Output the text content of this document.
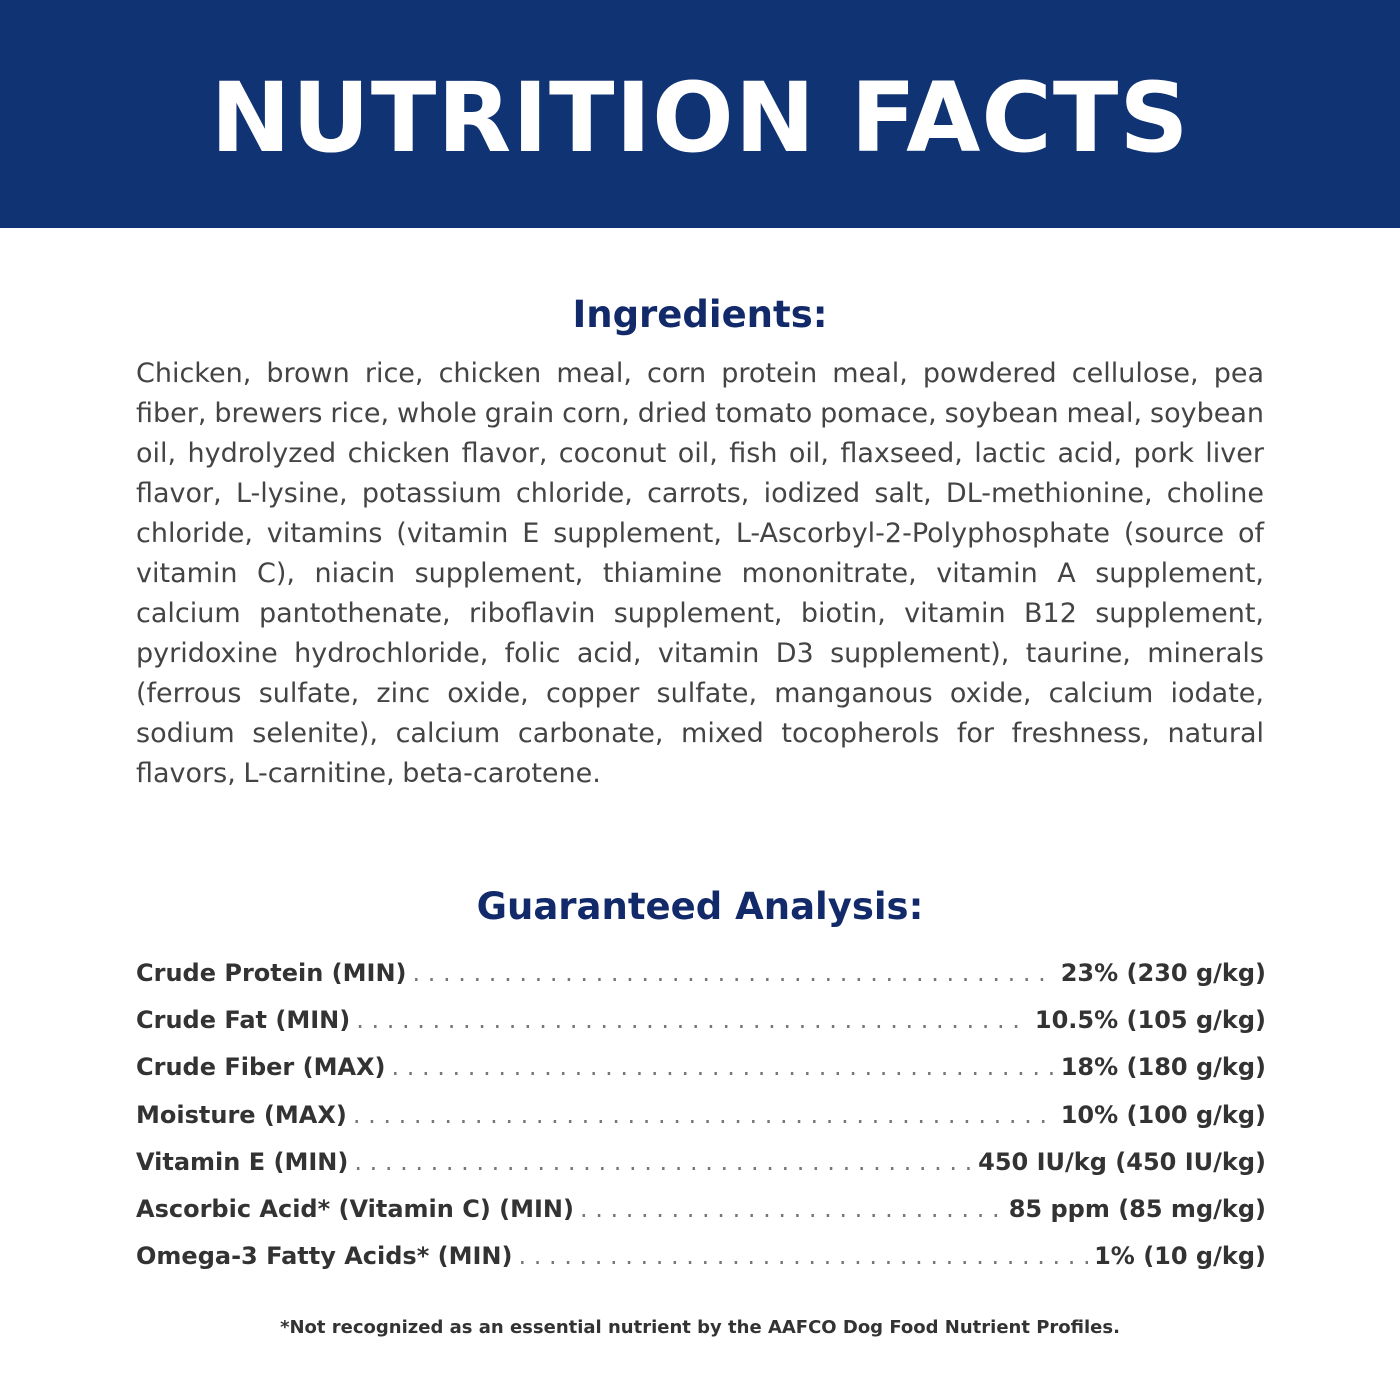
NUTRITION FACTS
Ingredients:
Chicken, brown rice, chicken meal, corn protein meal, powdered cellulose, pea fiber, brewers rice, whole grain corn, dried tomato pomace, soybean meal, soybean oil, hydrolyzed chicken flavor, coconut oil, fish oil, flaxseed, lactic acid, pork liver flavor, L-lysine, potassium chloride, carrots, iodized salt, DL-methionine, choline chloride, vitamins (vitamin E supplement, L-Ascorbyl-2-Polyphosphate (source of vitamin C), niacin supplement, thiamine mononitrate, vitamin A supplement, calcium pantothenate, riboflavin supplement, biotin, vitamin B12 supplement, pyridoxine hydrochloride, folic acid, vitamin D3 supplement), taurine, minerals (ferrous sulfate, zinc oxide, copper sulfate, manganous oxide, calcium iodate, sodium selenite), calcium carbonate, mixed tocopherols for freshness, natural flavors, L-carnitine, beta-carotene.
Guaranteed Analysis:
Crude Protein (MIN) . . .	23% (230 g/kg)
Crude Fat (MIN) . . .	10.5% (105 g/kg)
Crude Fiber (MAX) . . .	18% (180 g/kg)
Moisture (MAX) . . .	10% (100 g/kg)
Vitamin E (MIN) . . .	450 IU/kg (450 IU/kg)
Ascorbic Acid* (Vitamin C) (MIN) . . .	85 ppm (85 mg/kg)
Omega-3 Fatty Acids* (MIN) . . .	1% (10 g/kg)
*Not recognized as an essential nutrient by the AAFCO Dog Food Nutrient Profiles.
